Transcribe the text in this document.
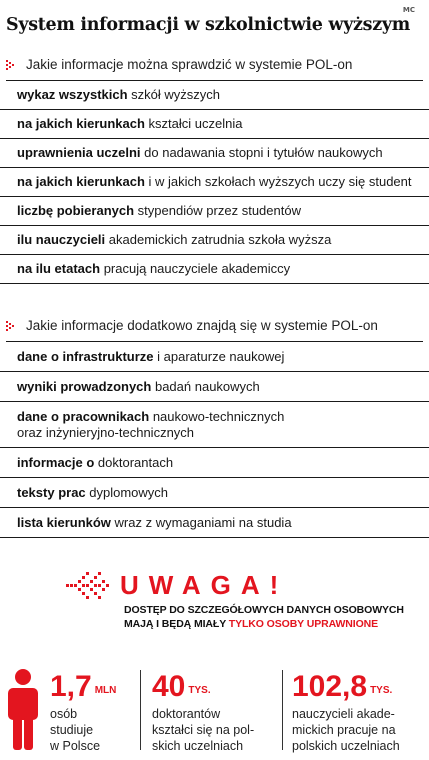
MC
System informacji w szkolnictwie wyższym
Jakie informacje można sprawdzić w systemie POL-on
wykaz wszystkich szkół wyższych
na jakich kierunkach kształci uczelnia
uprawnienia uczelni do nadawania stopni i tytułów naukowych
na jakich kierunkach i w jakich szkołach wyższych uczy się student
liczbę pobieranych stypendiów przez studentów
ilu nauczycieli akademickich zatrudnia szkoła wyższa
na ilu etatach pracują nauczyciele akademiccy
Jakie informacje dodatkowo znajdą się w systemie POL-on
dane o infrastrukturze i aparaturze naukowej
wyniki prowadzonych badań naukowych
dane o pracownikach naukowo-technicznych
oraz inżynieryjno-technicznych
informacje o doktorantach
teksty prac dyplomowych
lista kierunków wraz z wymaganiami na studia
UWAGA!
DOSTĘP DO SZCZEGÓŁOWYCH DANYCH OSOBOWYCH
MAJĄ I BĘDĄ MIAŁY TYLKO OSOBY UPRAWNIONE
1,7 $^{MLN}$
osób
studiuje
w Polsce
40 $^{TYS.}$
doktorantów
kształci się na pol-
skich uczelniach
102,8 $^{TYS.}$
nauczycieli akade-
mickich pracuje na
polskich uczelniach
